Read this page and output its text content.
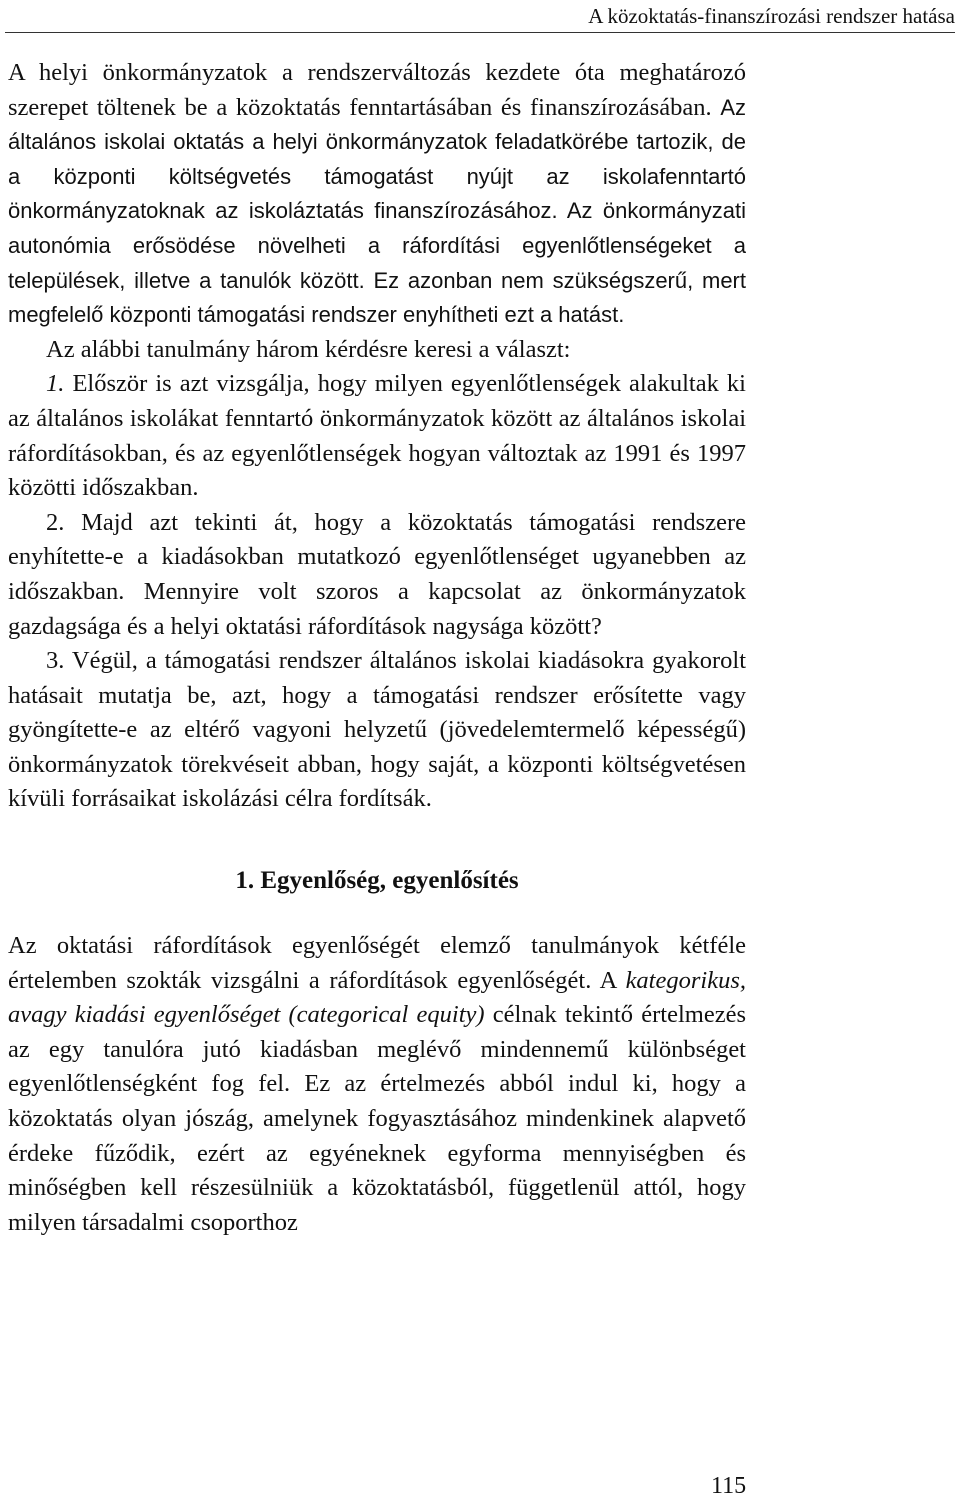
A közoktatás-finanszírozási rendszer hatása

A helyi önkormányzatok a rendszerváltozás kezdete óta meghatározó szerepet töltenek be a közoktatás fenntartásában és finanszírozásában. Az általános iskolai oktatás a helyi önkormányzatok feladatkörébe tartozik, de a központi költségvetés támogatást nyújt az iskolafenntartó önkormányzatoknak az iskoláztatás finanszírozásához. Az önkormányzati autonómia erősödése növelheti a ráfordítási egyenlőtlenségeket a települések, illetve a tanulók között. Ez azonban nem szükségszerű, mert megfelelő központi támogatási rendszer enyhítheti ezt a hatást.

Az alábbi tanulmány három kérdésre keresi a választ:

1. Először is azt vizsgálja, hogy milyen egyenlőtlenségek alakultak ki az általános iskolákat fenntartó önkormányzatok között az általános iskolai ráfordításokban, és az egyenlőtlenségek hogyan változtak az 1991 és 1997 közötti időszakban.

2. Majd azt tekinti át, hogy a közoktatás támogatási rendszere enyhítette-e a kiadásokban mutatkozó egyenlőtlenséget ugyanebben az időszakban. Mennyire volt szoros a kapcsolat az önkormányzatok gazdagsága és a helyi oktatási ráfordítások nagysága között?

3. Végül, a támogatási rendszer általános iskolai kiadásokra gyakorolt hatásait mutatja be, azt, hogy a támogatási rendszer erősítette vagy gyöngítette-e az eltérő vagyoni helyzetű (jövedelemtermelő képességű) önkormányzatok törekvéseit abban, hogy saját, a központi költségvetésen kívüli forrásaikat iskolázási célra fordítsák.

1. Egyenlőség, egyenlősítés

Az oktatási ráfordítások egyenlőségét elemző tanulmányok kétféle értelemben szokták vizsgálni a ráfordítások egyenlőségét. A kategorikus, avagy kiadási egyenlőséget (categorical equity) célnak tekintő értelmezés az egy tanulóra jutó kiadásban meglévő mindennemű különbséget egyenlőtlenségként fog fel. Ez az értelmezés abból indul ki, hogy a közoktatás olyan jószág, amelynek fogyasztásához mindenkinek alapvető érdeke fűződik, ezért az egyéneknek egyforma mennyiségben és minőségben kell részesülniük a közoktatásból, függetlenül attól, hogy milyen társadalmi csoporthoz

115
